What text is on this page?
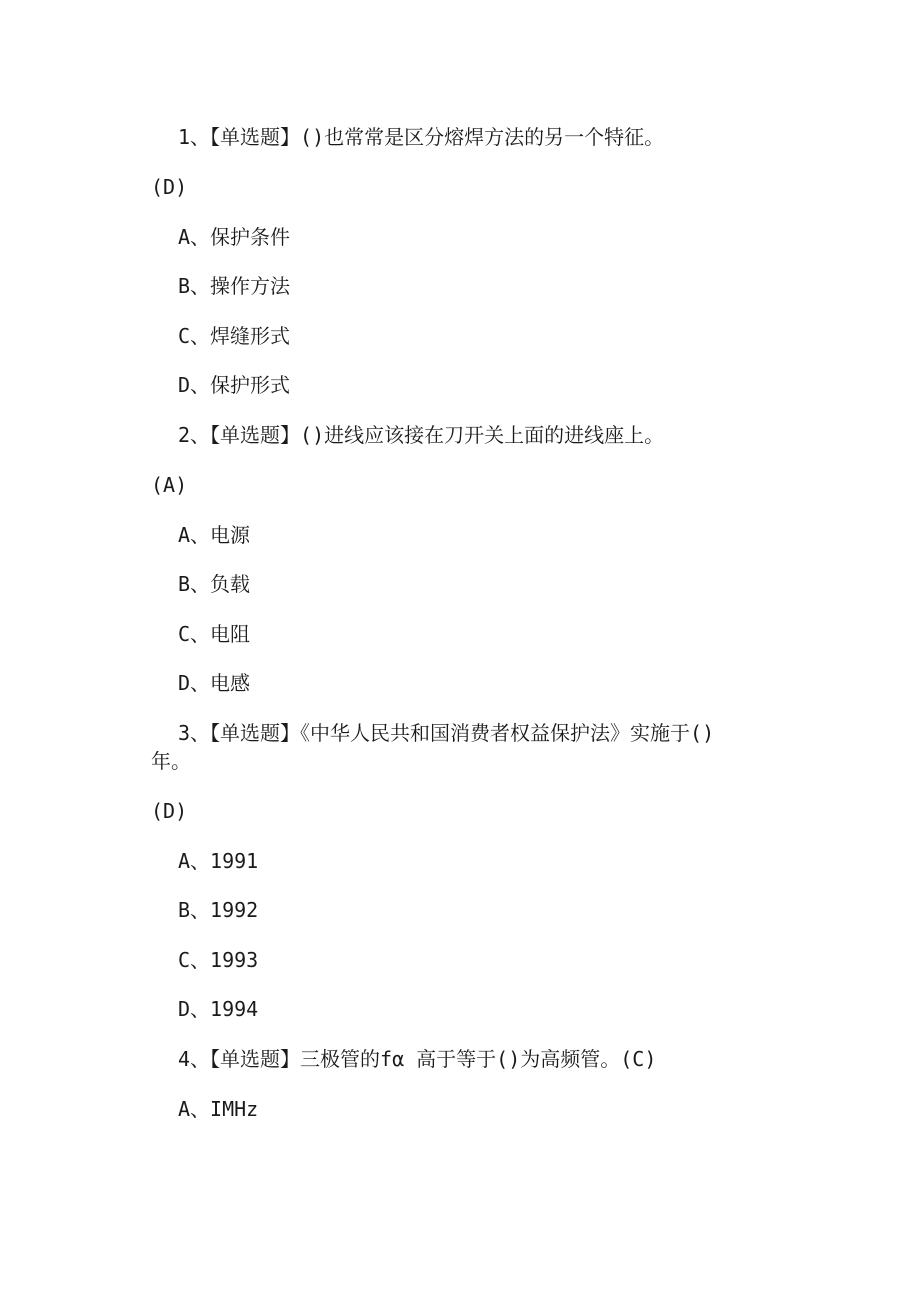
1、【单选题】()也常常是区分熔焊方法的另一个特征。
(D)
A、保护条件
B、操作方法
C、焊缝形式
D、保护形式
2、【单选题】()进线应该接在刀开关上面的进线座上。
(A)
A、电源
B、负载
C、电阻
D、电感
3、【单选题】《中华人民共和国消费者权益保护法》实施于()
年。
(D)
A、1991
B、1992
C、1993
D、1994
4、【单选题】三极管的fα 高于等于()为高频管。(C)
A、IMHz
